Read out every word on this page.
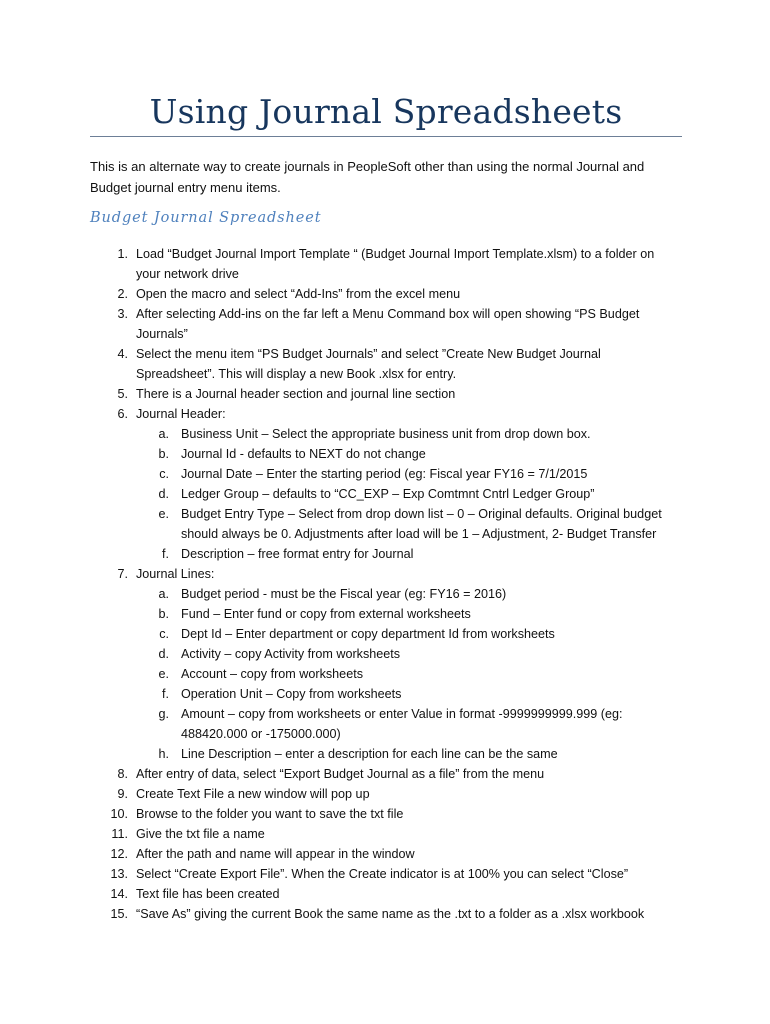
Using Journal Spreadsheets

This is an alternate way to create journals in PeopleSoft other than using the normal Journal and Budget journal entry menu items.

Budget Journal Spreadsheet
1. Load “Budget Journal Import Template “ (Budget Journal Import Template.xlsm) to a folder on your network drive
2. Open the macro and select “Add-Ins” from the excel menu
3. After selecting Add-ins on the far left a Menu Command box will open showing “PS Budget Journals”
4. Select the menu item “PS Budget Journals” and select ”Create New Budget Journal Spreadsheet”. This will display a new Book .xlsx for entry.
5. There is a Journal header section and journal line section
6. Journal Header:
a. Business Unit – Select the appropriate business unit from drop down box.
b. Journal Id - defaults to NEXT do not change
c. Journal Date – Enter the starting period (eg: Fiscal year FY16 = 7/1/2015
d. Ledger Group – defaults to “CC_EXP – Exp Comtmnt Cntrl Ledger Group”
e. Budget Entry Type – Select from drop down list – 0 – Original defaults. Original budget should always be 0. Adjustments after load will be 1 – Adjustment, 2- Budget Transfer
f. Description – free format entry for Journal
7. Journal Lines:
a. Budget period - must be the Fiscal year (eg: FY16 = 2016)
b. Fund – Enter fund or copy from external worksheets
c. Dept Id – Enter department or copy department Id from worksheets
d. Activity – copy Activity from worksheets
e. Account – copy from worksheets
f. Operation Unit – Copy from worksheets
g. Amount – copy from worksheets or enter Value in format -9999999999.999 (eg: 488420.000 or -175000.000)
h. Line Description – enter a description for each line can be the same
8. After entry of data, select “Export Budget Journal as a file” from the menu
9. Create Text File a new window will pop up
10. Browse to the folder you want to save the txt file
11. Give the txt file a name
12. After the path and name will appear in the window
13. Select “Create Export File”. When the Create indicator is at 100% you can select “Close”
14. Text file has been created
15. “Save As” giving the current Book the same name as the .txt to a folder as a .xlsx workbook
